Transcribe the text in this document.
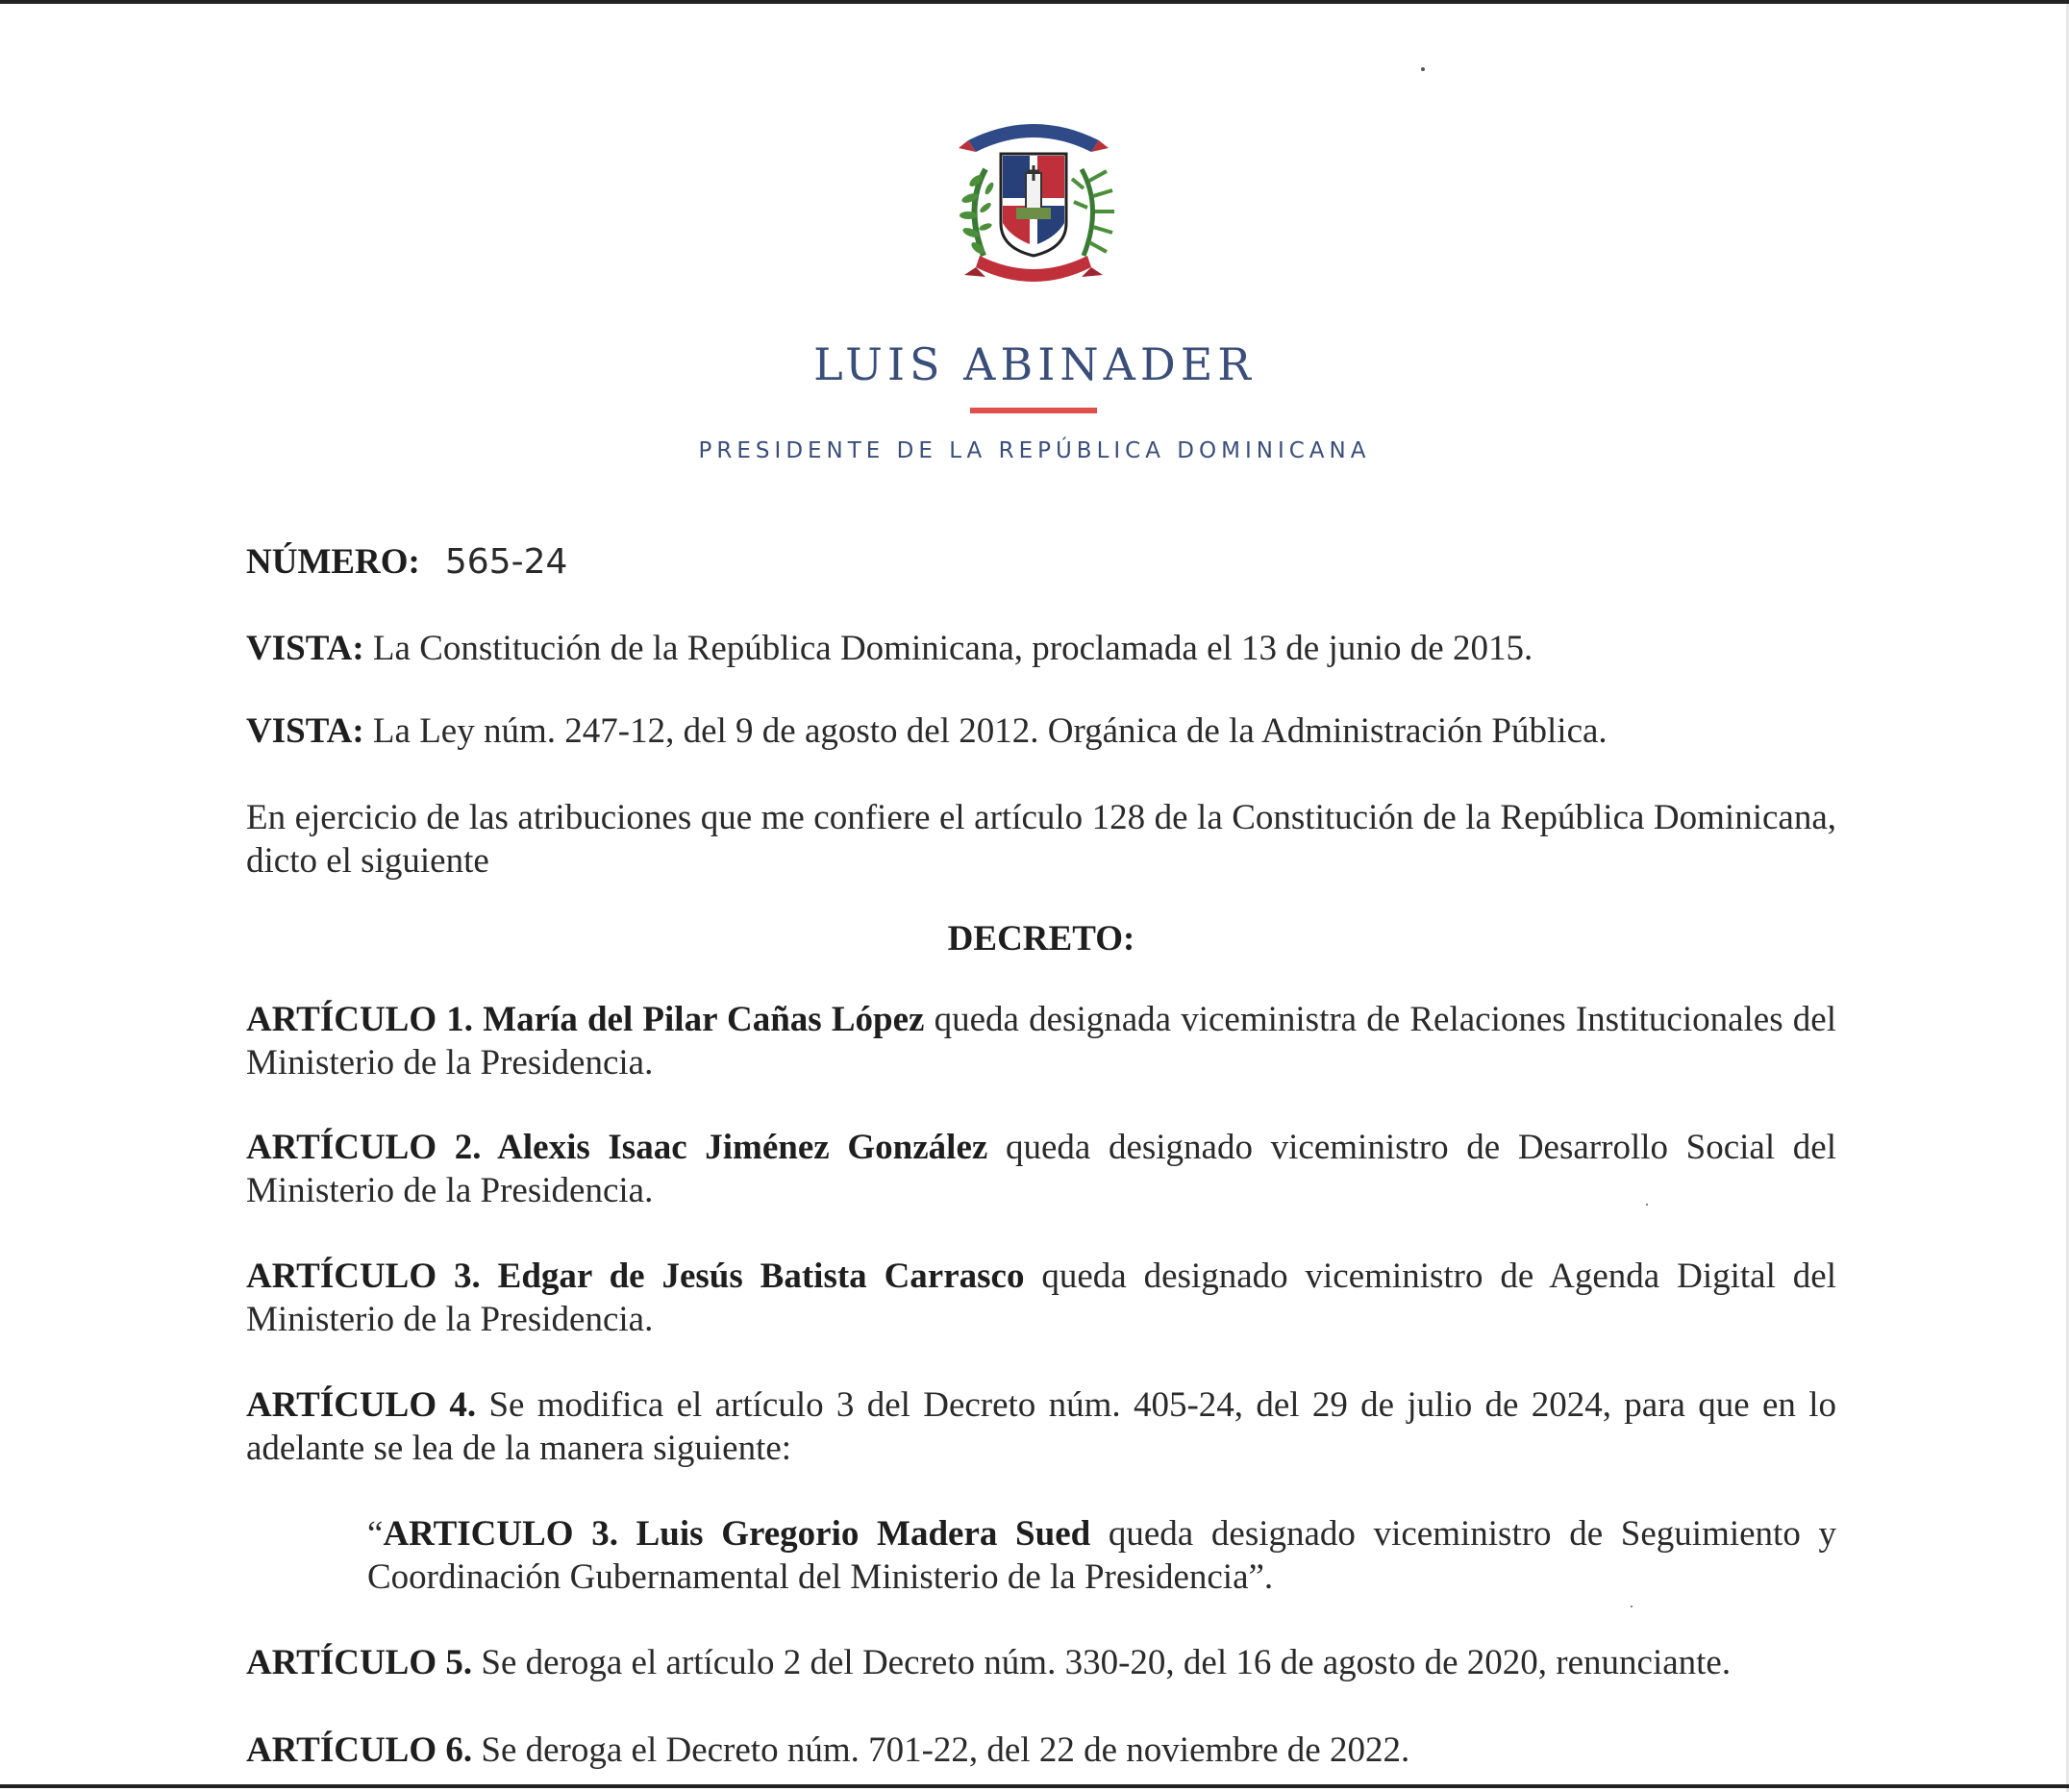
LUIS ABINADER
PRESIDENTE DE LA REPÚBLICA DOMINICANA

NÚMERO: 565-24

VISTA: La Constitución de la República Dominicana, proclamada el 13 de junio de 2015.

VISTA: La Ley núm. 247-12, del 9 de agosto del 2012. Orgánica de la Administración Pública.

En ejercicio de las atribuciones que me confiere el artículo 128 de la Constitución de la República Dominicana, dicto el siguiente

DECRETO:

ARTÍCULO 1. María del Pilar Cañas López queda designada viceministra de Relaciones Institucionales del Ministerio de la Presidencia.

ARTÍCULO 2. Alexis Isaac Jiménez González queda designado viceministro de Desarrollo Social del Ministerio de la Presidencia.

ARTÍCULO 3. Edgar de Jesús Batista Carrasco queda designado viceministro de Agenda Digital del Ministerio de la Presidencia.

ARTÍCULO 4. Se modifica el artículo 3 del Decreto núm. 405-24, del 29 de julio de 2024, para que en lo adelante se lea de la manera siguiente:

“ARTICULO 3. Luis Gregorio Madera Sued queda designado viceministro de Seguimiento y Coordinación Gubernamental del Ministerio de la Presidencia”.

ARTÍCULO 5. Se deroga el artículo 2 del Decreto núm. 330-20, del 16 de agosto de 2020, renunciante.

ARTÍCULO 6. Se deroga el Decreto núm. 701-22, del 22 de noviembre de 2022.
